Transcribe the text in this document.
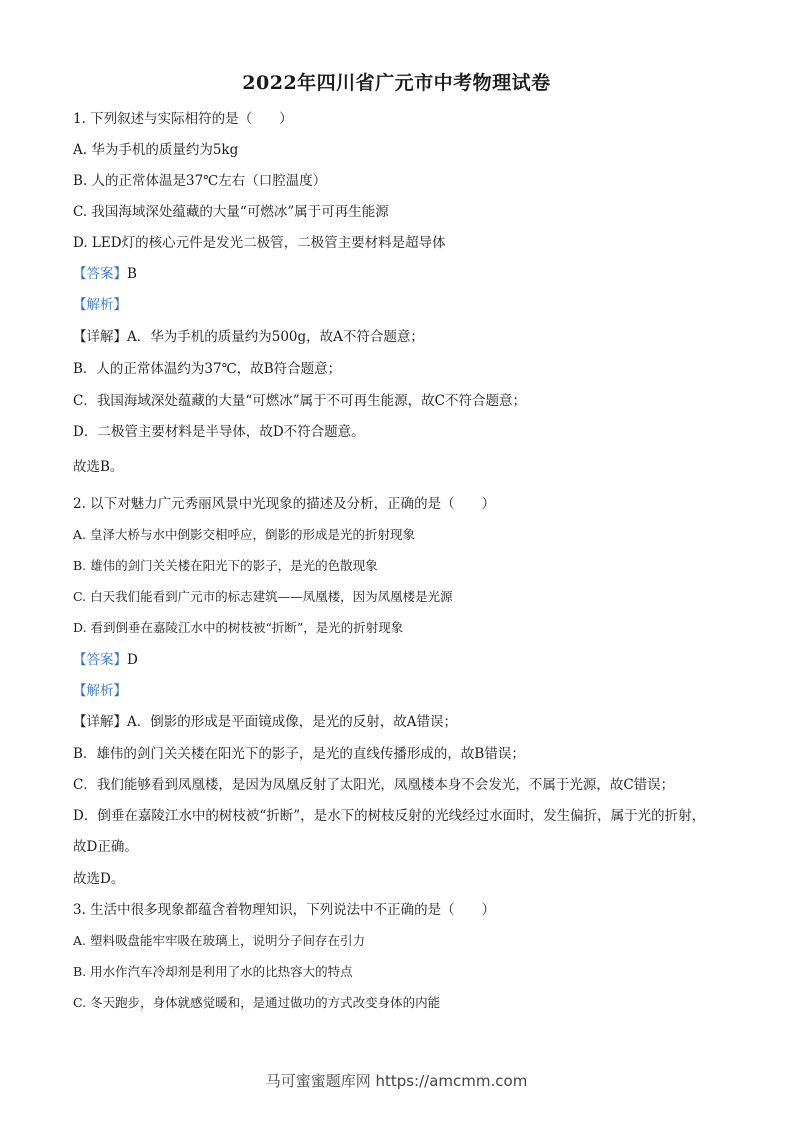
2022年四川省广元市中考物理试卷
1. 下列叙述与实际相符的是（　　）
A. 华为手机的质量约为5kg
B. 人的正常体温是37℃左右（口腔温度）
C. 我国海域深处蕴藏的大量“可燃冰”属于可再生能源
D. LED灯的核心元件是发光二极管，二极管主要材料是超导体
【答案】B
【解析】
【详解】A．华为手机的质量约为500g，故A不符合题意；
B．人的正常体温约为37℃，故B符合题意；
C．我国海域深处蕴藏的大量“可燃冰”属于不可再生能源，故C不符合题意；
D．二极管主要材料是半导体，故D不符合题意。
故选B。
2. 以下对魅力广元秀丽风景中光现象的描述及分析，正确的是（　　）
A. 皇泽大桥与水中倒影交相呼应，倒影的形成是光的折射现象
B. 雄伟的剑门关关楼在阳光下的影子，是光的色散现象
C. 白天我们能看到广元市的标志建筑——凤凰楼，因为凤凰楼是光源
D. 看到倒垂在嘉陵江水中的树枝被“折断”，是光的折射现象
【答案】D
【解析】
【详解】A．倒影的形成是平面镜成像，是光的反射，故A错误；
B．雄伟的剑门关关楼在阳光下的影子，是光的直线传播形成的，故B错误；
C．我们能够看到凤凰楼，是因为凤凰反射了太阳光，凤凰楼本身不会发光，不属于光源，故C错误；
D．倒垂在嘉陵江水中的树枝被“折断”，是水下的树枝反射的光线经过水面时，发生偏折，属于光的折射，
故D正确。
故选D。
3. 生活中很多现象都蕴含着物理知识，下列说法中不正确的是（　　）
A. 塑料吸盘能牢牢吸在玻璃上，说明分子间存在引力
B. 用水作汽车冷却剂是利用了水的比热容大的特点
C. 冬天跑步，身体就感觉暖和，是通过做功的方式改变身体的内能
马可蜜蜜题库网 https://amcmm.com
